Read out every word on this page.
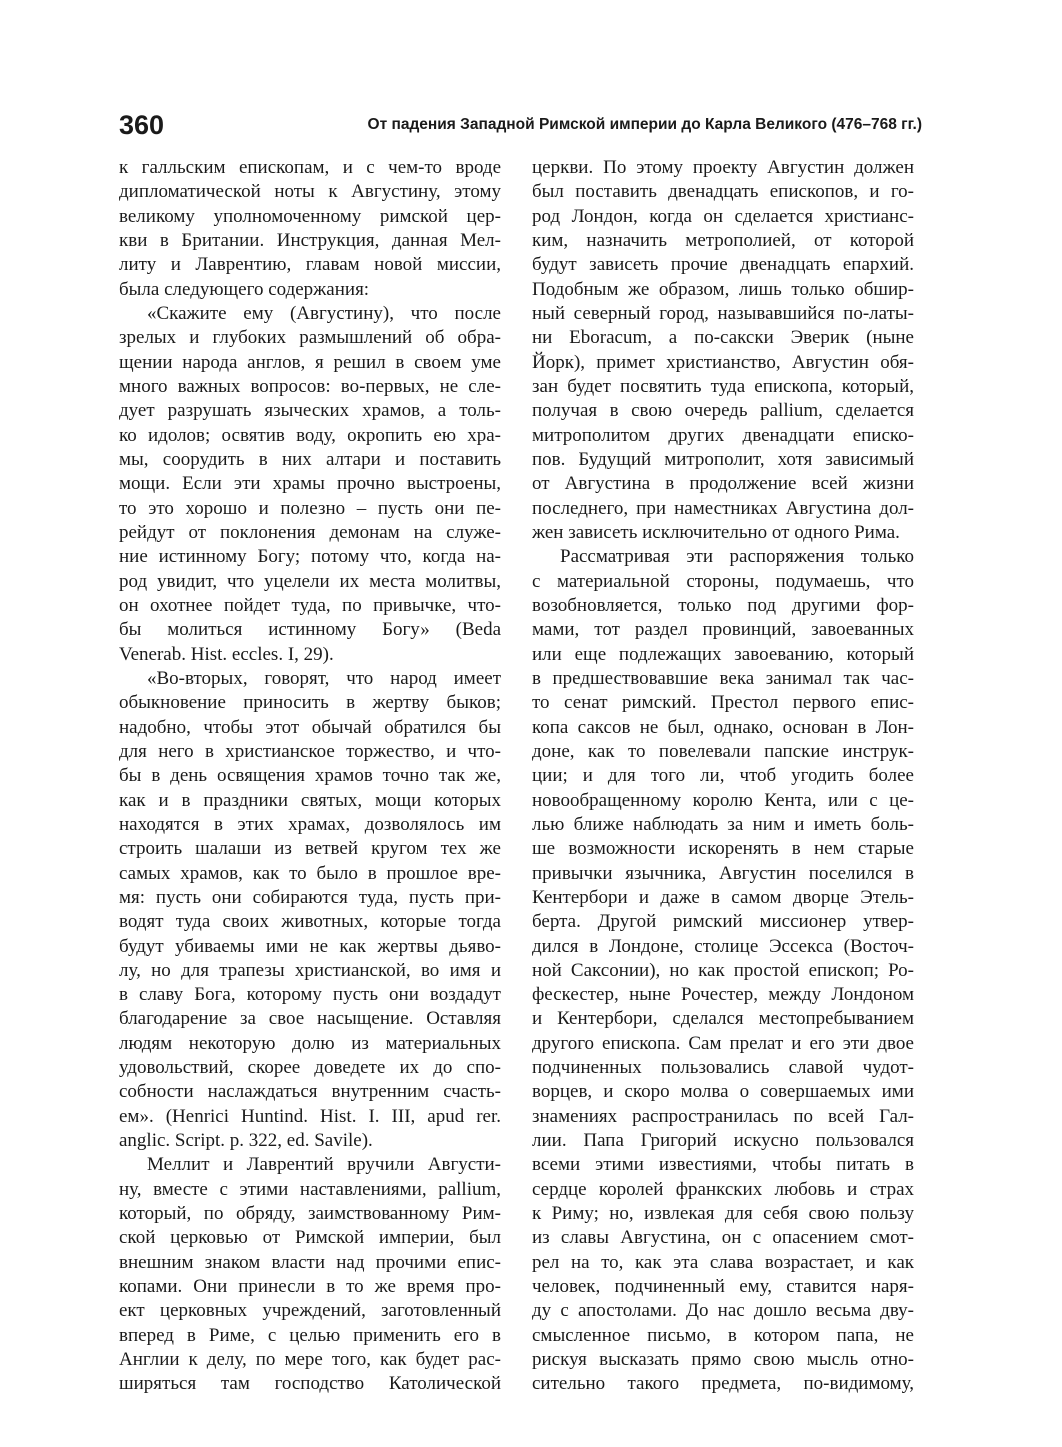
360	От падения Западной Римской империи до Карла Великого (476–768 гг.)
к галльским епископам, и с чем-то вроде
дипломатической ноты к Августину, этому
великому уполномоченному римской цер-
кви в Британии. Инструкция, данная Мел-
литу и Лаврентию, главам новой миссии,
была следующего содержания:
«Скажите ему (Августину), что после
зрелых и глубоких размышлений об обра-
щении народа англов, я решил в своем уме
много важных вопросов: во-первых, не сле-
дует разрушать языческих храмов, а толь-
ко идолов; освятив воду, окропить ею хра-
мы, соорудить в них алтари и поставить
мощи. Если эти храмы прочно выстроены,
то это хорошо и полезно – пусть они пе-
рейдут от поклонения демонам на служе-
ние истинному Богу; потому что, когда на-
род увидит, что уцелели их места молитвы,
он охотнее пойдет туда, по привычке, что-
бы молиться истинному Богу» (Beda
Venerab. Hist. eccles. I, 29).
«Во-вторых, говорят, что народ имеет
обыкновение приносить в жертву быков;
надобно, чтобы этот обычай обратился бы
для него в христианское торжество, и что-
бы в день освящения храмов точно так же,
как и в праздники святых, мощи которых
находятся в этих храмах, дозволялось им
строить шалаши из ветвей кругом тех же
самых храмов, как то было в прошлое вре-
мя: пусть они собираются туда, пусть при-
водят туда своих животных, которые тогда
будут убиваемы ими не как жертвы дьяво-
лу, но для трапезы христианской, во имя и
в славу Бога, которому пусть они воздадут
благодарение за свое насыщение. Оставляя
людям некоторую долю из материальных
удовольствий, скорее доведете их до спо-
собности наслаждаться внутренним счасть-
ем». (Henrici Huntind. Hist. I. III, apud rer.
anglic. Script. p. 322, ed. Savile).
Меллит и Лаврентий вручили Августи-
ну, вместе с этими наставлениями, pallium,
который, по обряду, заимствованному Рим-
ской церковью от Римской империи, был
внешним знаком власти над прочими епис-
копами. Они принесли в то же время про-
ект церковных учреждений, заготовленный
вперед в Риме, с целью применить его в
Англии к делу, по мере того, как будет рас-
ширяться там господство Католической
церкви. По этому проекту Августин должен
был поставить двенадцать епископов, и го-
род Лондон, когда он сделается христианс-
ким, назначить метрополией, от которой
будут зависеть прочие двенадцать епархий.
Подобным же образом, лишь только обшир-
ный северный город, называвшийся по-латы-
ни Eboracum, а по-сакски Эверик (ныне
Йорк), примет христианство, Августин обя-
зан будет посвятить туда епископа, который,
получая в свою очередь pallium, сделается
митрополитом других двенадцати еписко-
пов. Будущий митрополит, хотя зависимый
от Августина в продолжение всей жизни
последнего, при наместниках Августина дол-
жен зависеть исключительно от одного Рима.
Рассматривая эти распоряжения только
с материальной стороны, подумаешь, что
возобновляется, только под другими фор-
мами, тот раздел провинций, завоеванных
или еще подлежащих завоеванию, который
в предшествовавшие века занимал так час-
то сенат римский. Престол первого епис-
копа саксов не был, однако, основан в Лон-
доне, как то повелевали папские инструк-
ции; и для того ли, чтоб угодить более
новообращенному королю Кента, или с це-
лью ближе наблюдать за ним и иметь боль-
ше возможности искоренять в нем старые
привычки язычника, Августин поселился в
Кентербори и даже в самом дворце Этель-
берта. Другой римский миссионер утвер-
дился в Лондоне, столице Эссекса (Восточ-
ной Саксонии), но как простой епископ; Ро-
фескестер, ныне Рочестер, между Лондоном
и Кентербори, сделался местопребыванием
другого епископа. Сам прелат и его эти двое
подчиненных пользовались славой чудот-
ворцев, и скоро молва о совершаемых ими
знамениях распространилась по всей Гал-
лии. Папа Григорий искусно пользовался
всеми этими известиями, чтобы питать в
сердце королей франкских любовь и страх
к Риму; но, извлекая для себя свою пользу
из славы Августина, он с опасением смот-
рел на то, как эта слава возрастает, и как
человек, подчиненный ему, ставится наря-
ду с апостолами. До нас дошло весьма дву-
смысленное письмо, в котором папа, не
рискуя высказать прямо свою мысль отно-
сительно такого предмета, по-видимому,
